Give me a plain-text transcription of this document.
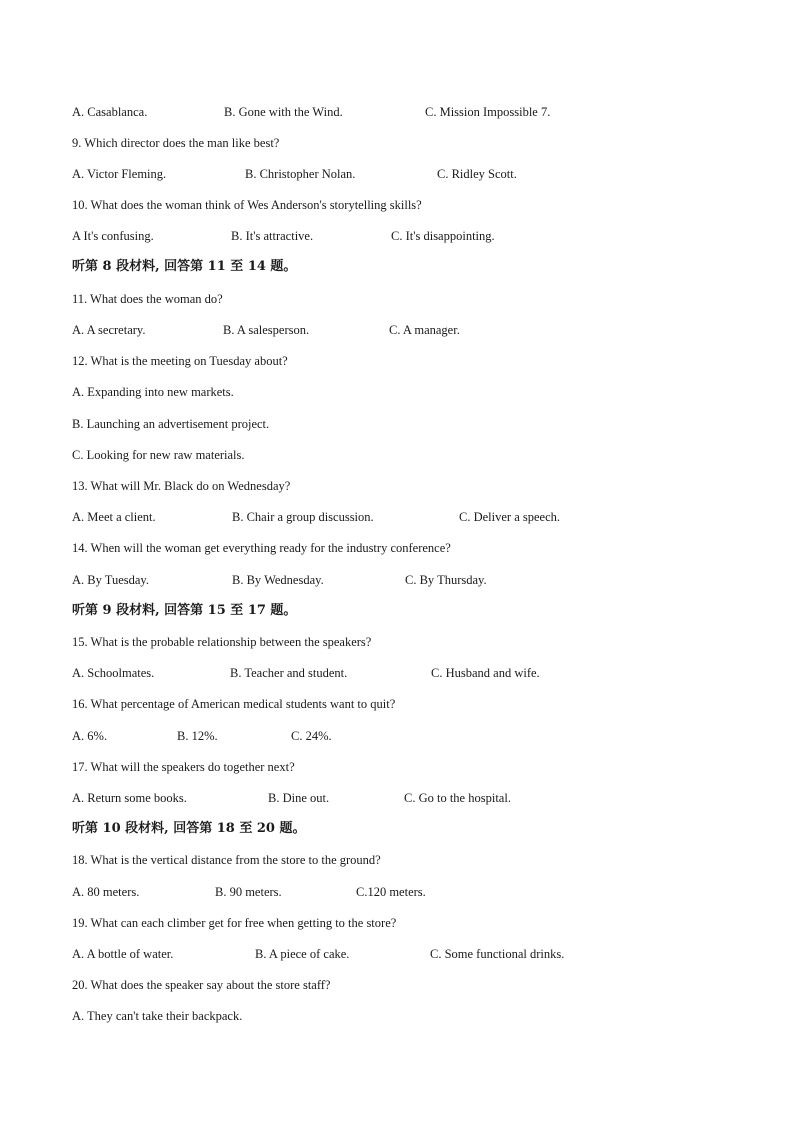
A. Casablanca.	B. Gone with the Wind.	C. Mission Impossible 7.
9. Which director does the man like best?
A. Victor Fleming.	B. Christopher Nolan.	C. Ridley Scott.
10. What does the woman think of Wes Anderson's storytelling skills?
A It's confusing.	B. It's attractive.	C. It's disappointing.
听第 8 段材料, 回答第 11 至 14 题。
11. What does the woman do?
A. A secretary.	B. A salesperson.	C. A manager.
12. What is the meeting on Tuesday about?
A. Expanding into new markets.
B. Launching an advertisement project.
C. Looking for new raw materials.
13. What will Mr. Black do on Wednesday?
A. Meet a client.	B. Chair a group discussion.	C. Deliver a speech.
14. When will the woman get everything ready for the industry conference?
A. By Tuesday.	B. By Wednesday.	C. By Thursday.
听第 9 段材料, 回答第 15 至 17 题。
15. What is the probable relationship between the speakers?
A. Schoolmates.	B. Teacher and student.	C. Husband and wife.
16. What percentage of American medical students want to quit?
A. 6%.	B. 12%.	C. 24%.
17. What will the speakers do together next?
A. Return some books.	B. Dine out.	C. Go to the hospital.
听第 10 段材料, 回答第 18 至 20 题。
18. What is the vertical distance from the store to the ground?
A. 80 meters.	B. 90 meters.	C.120 meters.
19. What can each climber get for free when getting to the store?
A. A bottle of water.	B. A piece of cake.	C. Some functional drinks.
20. What does the speaker say about the store staff?
A. They can't take their backpack.
